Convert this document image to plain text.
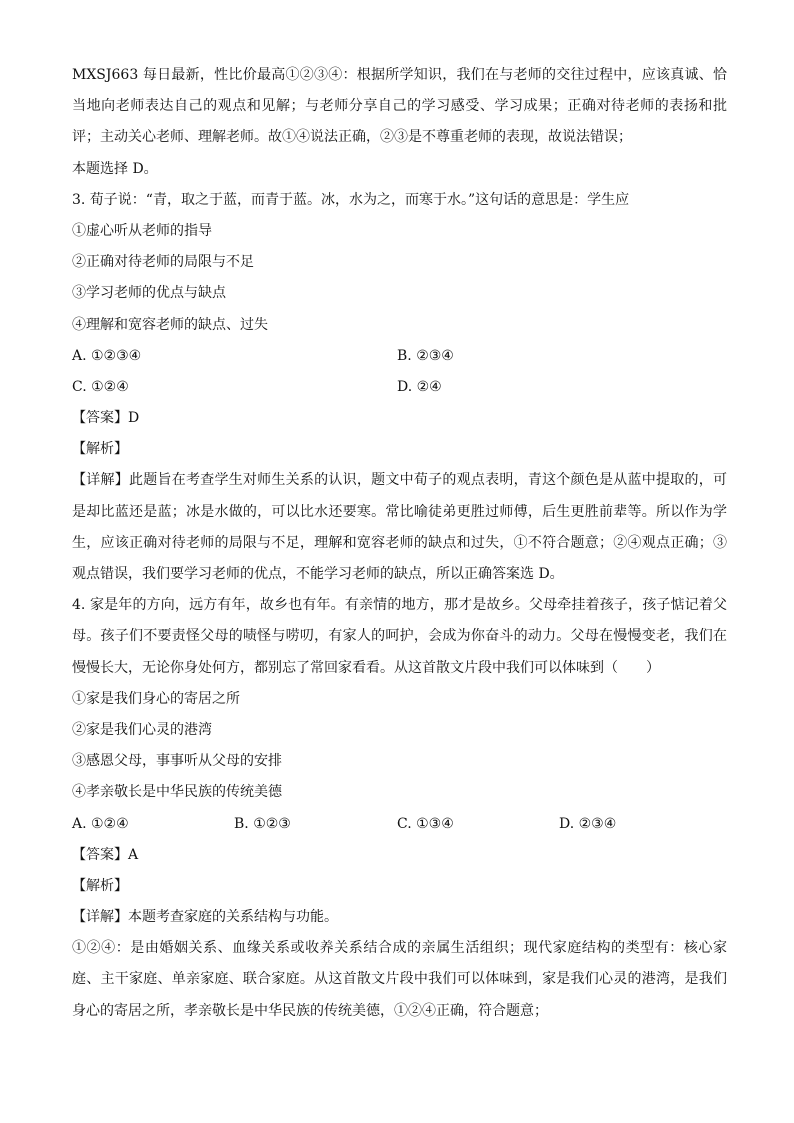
MXSJ663 每日最新，性比价最高①②③④：根据所学知识，我们在与老师的交往过程中，应该真诚、恰
当地向老师表达自己的观点和见解；与老师分享自己的学习感受、学习成果；正确对待老师的表扬和批
评；主动关心老师、理解老师。故①④说法正确，②③是不尊重老师的表现，故说法错误；
本题选择 D。
3. 荀子说：“青，取之于蓝，而青于蓝。冰，水为之，而寒于水。”这句话的意思是：学生应
①虚心听从老师的指导
②正确对待老师的局限与不足
③学习老师的优点与缺点
④理解和宽容老师的缺点、过失
A. ①②③④	B. ②③④
C. ①②④	D. ②④
【答案】D
【解析】
【详解】此题旨在考查学生对师生关系的认识，题文中荀子的观点表明，青这个颜色是从蓝中提取的，可
是却比蓝还是蓝；冰是水做的，可以比水还要寒。常比喻徒弟更胜过师傅，后生更胜前辈等。所以作为学
生，应该正确对待老师的局限与不足，理解和宽容老师的缺点和过失，①不符合题意；②④观点正确；③
观点错误，我们要学习老师的优点，不能学习老师的缺点，所以正确答案选 D。
4. 家是年的方向，远方有年，故乡也有年。有亲情的地方，那才是故乡。父母牵挂着孩子，孩子惦记着父
母。孩子们不要责怪父母的啧怪与唠叨，有家人的呵护，会成为你奋斗的动力。父母在慢慢变老，我们在
慢慢长大，无论你身处何方，都别忘了常回家看看。从这首散文片段中我们可以体味到（　　）
①家是我们身心的寄居之所
②家是我们心灵的港湾
③感恩父母，事事听从父母的安排
④孝亲敬长是中华民族的传统美德
A. ①②④	B. ①②③	C. ①③④	D. ②③④
【答案】A
【解析】
【详解】本题考查家庭的关系结构与功能。
①②④：是由婚姻关系、血缘关系或收养关系结合成的亲属生活组织；现代家庭结构的类型有：核心家
庭、主干家庭、单亲家庭、联合家庭。从这首散文片段中我们可以体味到，家是我们心灵的港湾，是我们
身心的寄居之所，孝亲敬长是中华民族的传统美德，①②④正确，符合题意；
